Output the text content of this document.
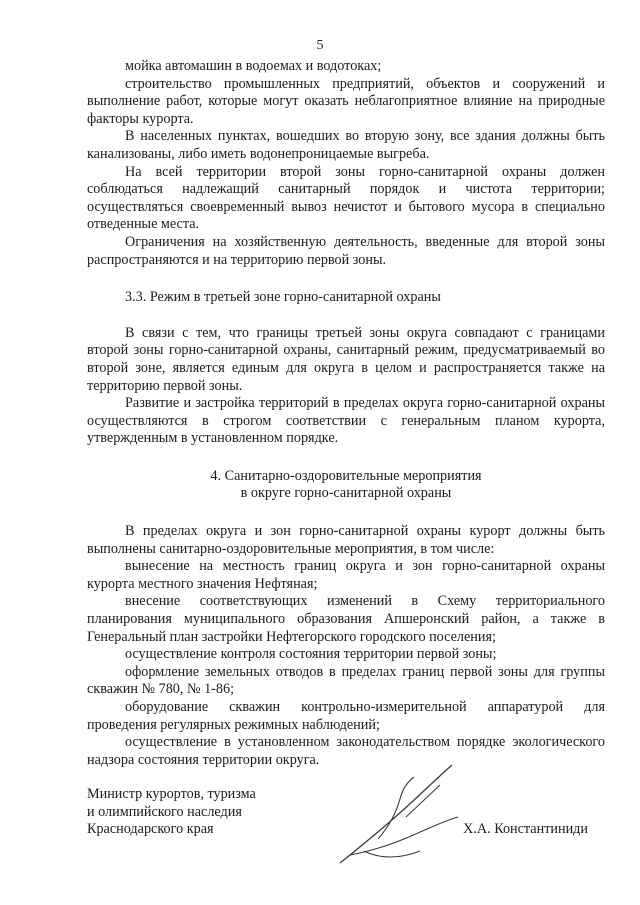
5

мойка автомашин в водоемах и водотоках;

строительство промышленных предприятий, объектов и сооружений и выполнение работ, которые могут оказать неблагоприятное влияние на природные факторы курорта.

В населенных пунктах, вошедших во вторую зону, все здания должны быть канализованы, либо иметь водонепроницаемые выгреба.

На всей территории второй зоны горно-санитарной охраны должен соблюдаться надлежащий санитарный порядок и чистота территории; осуществляться своевременный вывоз нечистот и бытового мусора в специально отведенные места.

Ограничения на хозяйственную деятельность, введенные для второй зоны распространяются и на территорию первой зоны.

3.3. Режим в третьей зоне горно-санитарной охраны

В связи с тем, что границы третьей зоны округа совпадают с границами второй зоны горно-санитарной охраны, санитарный режим, предусматриваемый во второй зоне, является единым для округа в целом и распространяется также на территорию первой зоны.

Развитие и застройка территорий в пределах округа горно-санитарной охраны осуществляются в строгом соответствии с генеральным планом курорта, утвержденным в установленном порядке.

4. Санитарно-оздоровительные мероприятия
в округе горно-санитарной охраны

В пределах округа и зон горно-санитарной охраны курорт должны быть выполнены санитарно-оздоровительные мероприятия, в том числе:

вынесение на местность границ округа и зон горно-санитарной охраны курорта местного значения Нефтяная;

внесение соответствующих изменений в Схему территориального планирования муниципального образования Апшеронский район, а также в Генеральный план застройки Нефтегорского городского поселения;

осуществление контроля состояния территории первой зоны;

оформление земельных отводов в пределах границ первой зоны для группы скважин № 780, № 1-86;

оборудование скважин контрольно-измерительной аппаратурой для проведения регулярных режимных наблюдений;

осуществление в установленном законодательством порядке экологического надзора состояния территории округа.

Министр курортов, туризма
и олимпийского наследия
Краснодарского края	Х.А. Константиниди
